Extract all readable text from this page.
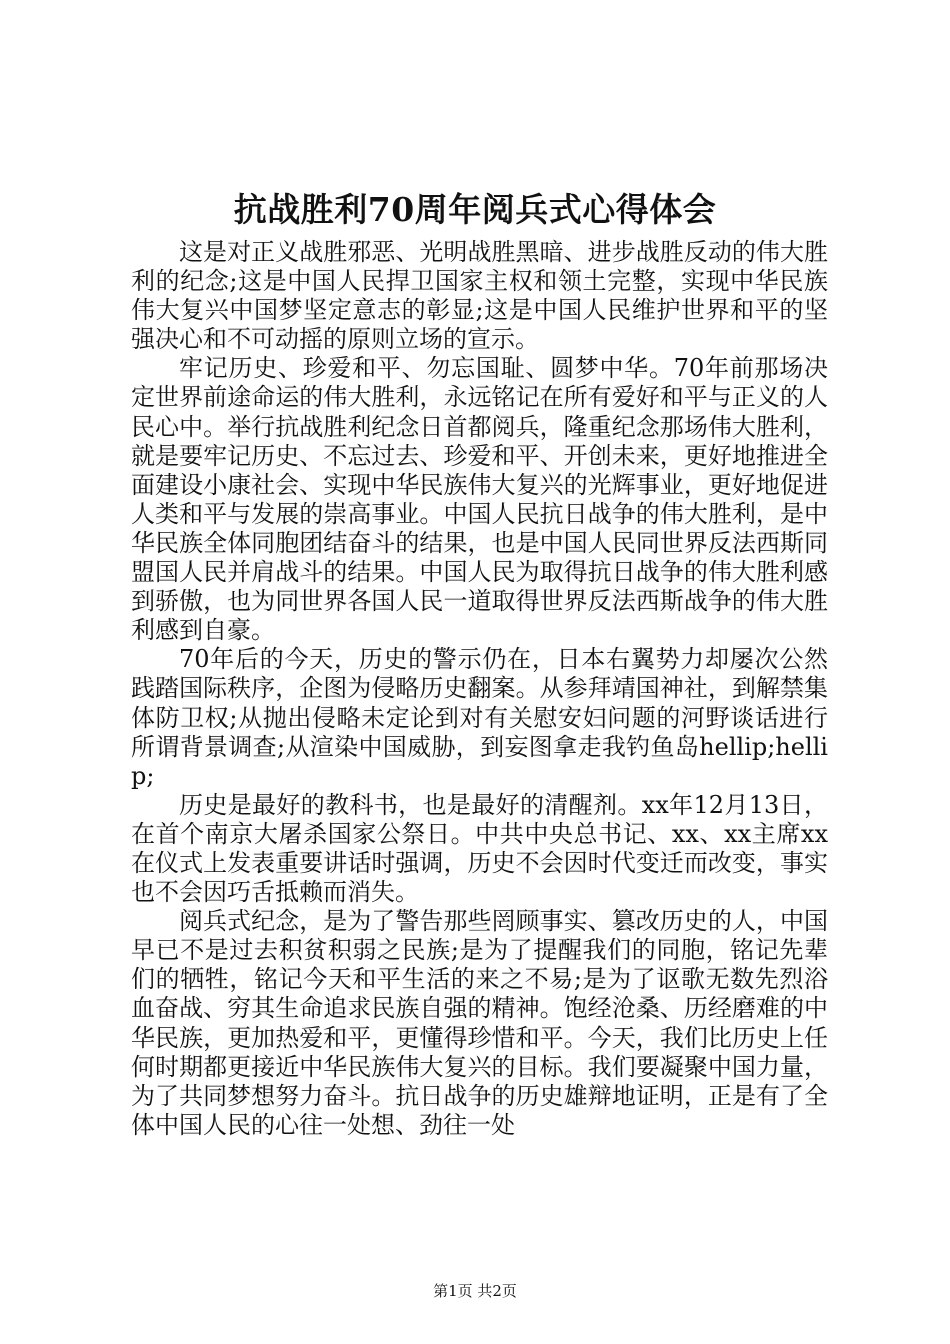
抗战胜利70周年阅兵式心得体会

这是对正义战胜邪恶、光明战胜黑暗、进步战胜反动的伟大胜利的纪念;这是中国人民捍卫国家主权和领土完整，实现中华民族伟大复兴中国梦坚定意志的彰显;这是中国人民维护世界和平的坚强决心和不可动摇的原则立场的宣示。

牢记历史、珍爱和平、勿忘国耻、圆梦中华。70年前那场决定世界前途命运的伟大胜利，永远铭记在所有爱好和平与正义的人民心中。举行抗战胜利纪念日首都阅兵，隆重纪念那场伟大胜利，就是要牢记历史、不忘过去、珍爱和平、开创未来，更好地推进全面建设小康社会、实现中华民族伟大复兴的光辉事业，更好地促进人类和平与发展的崇高事业。中国人民抗日战争的伟大胜利，是中华民族全体同胞团结奋斗的结果，也是中国人民同世界反法西斯同盟国人民并肩战斗的结果。中国人民为取得抗日战争的伟大胜利感到骄傲，也为同世界各国人民一道取得世界反法西斯战争的伟大胜利感到自豪。

70年后的今天，历史的警示仍在，日本右翼势力却屡次公然践踏国际秩序，企图为侵略历史翻案。从参拜靖国神社，到解禁集体防卫权;从抛出侵略未定论到对有关慰安妇问题的河野谈话进行所谓背景调查;从渲染中国威胁，到妄图拿走我钓鱼岛hellip;hellip;

历史是最好的教科书，也是最好的清醒剂。xx年12月13日，在首个南京大屠杀国家公祭日。中共中央总书记、xx、xx主席xx在仪式上发表重要讲话时强调，历史不会因时代变迁而改变，事实也不会因巧舌抵赖而消失。

阅兵式纪念，是为了警告那些罔顾事实、篡改历史的人，中国早已不是过去积贫积弱之民族;是为了提醒我们的同胞，铭记先辈们的牺牲，铭记今天和平生活的来之不易;是为了讴歌无数先烈浴血奋战、穷其生命追求民族自强的精神。饱经沧桑、历经磨难的中华民族，更加热爱和平，更懂得珍惜和平。今天，我们比历史上任何时期都更接近中华民族伟大复兴的目标。我们要凝聚中国力量，为了共同梦想努力奋斗。抗日战争的历史雄辩地证明，正是有了全体中国人民的心往一处想、劲往一处

第1页 共2页
